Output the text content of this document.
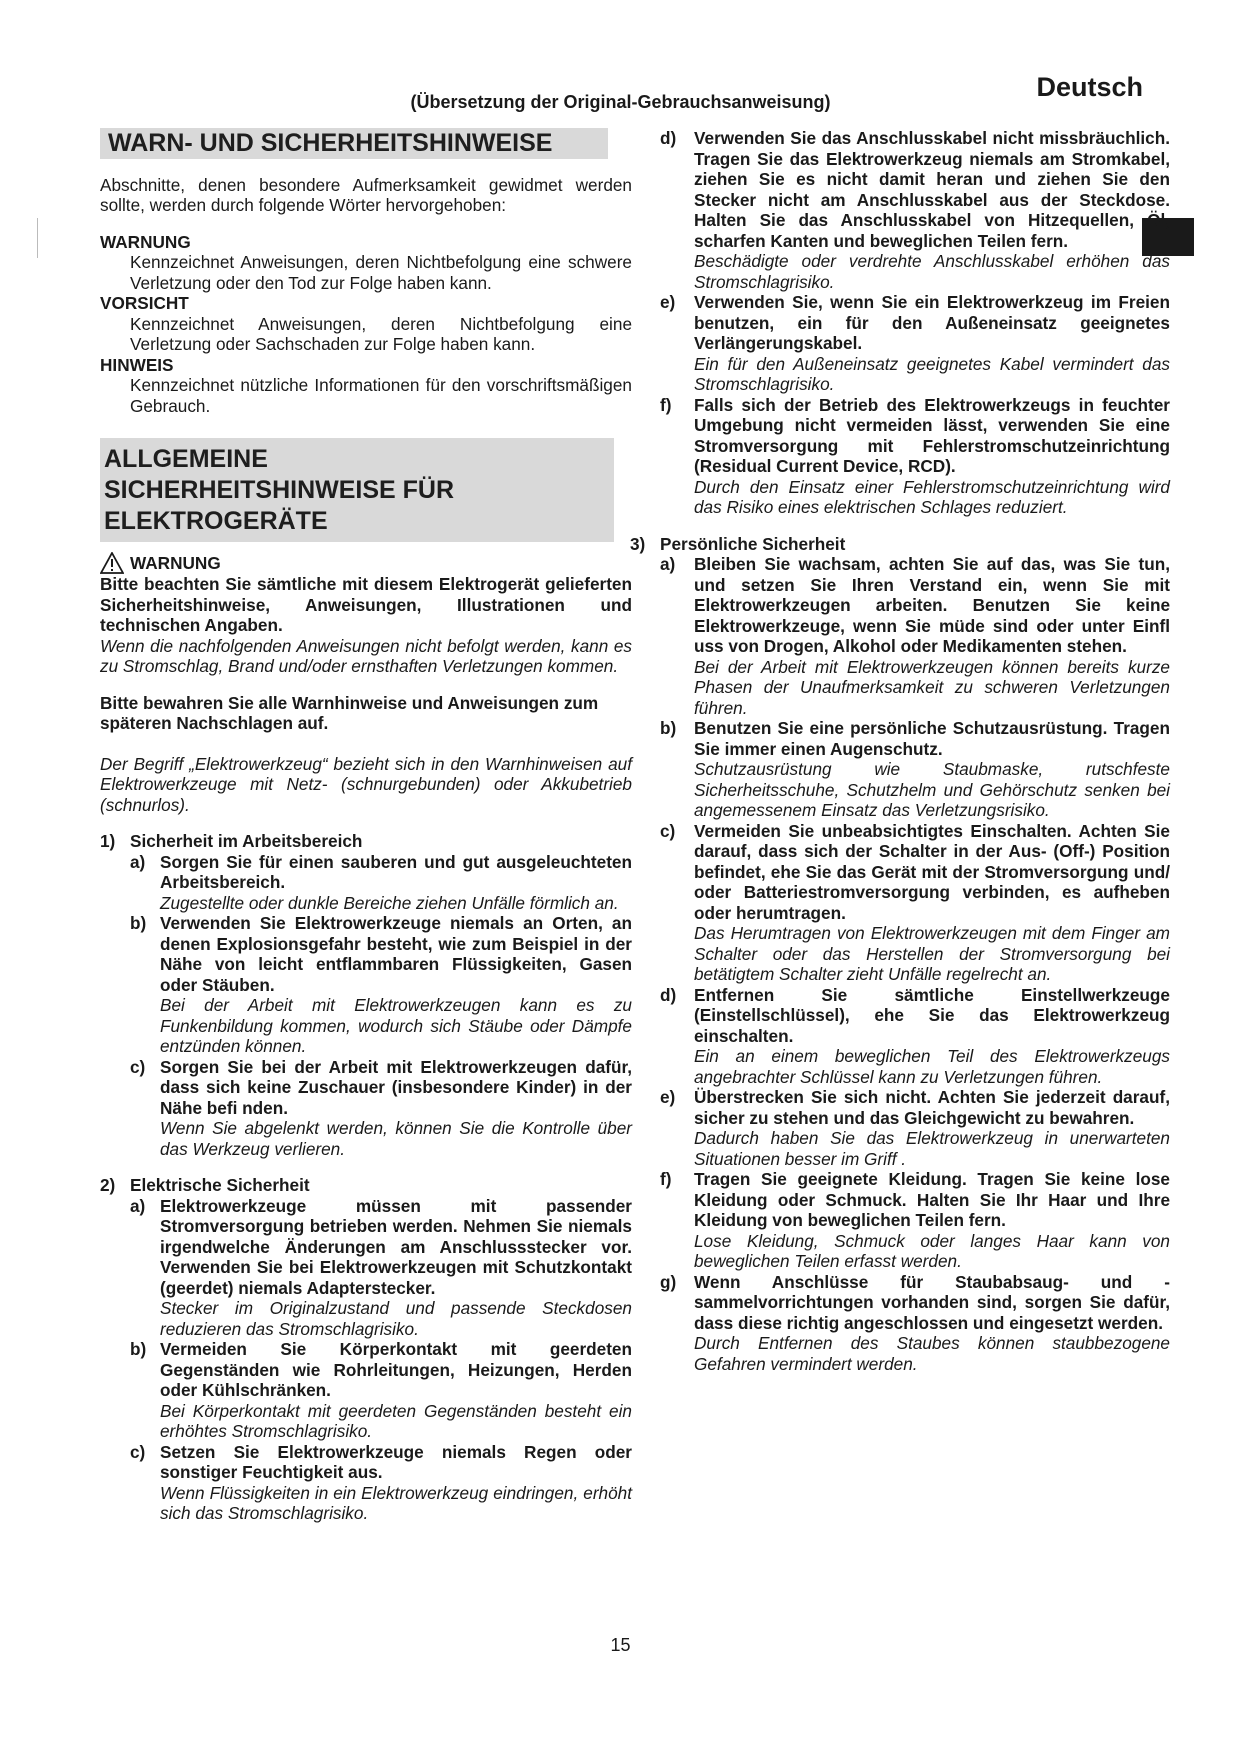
Deutsch
(Übersetzung der Original-Gebrauchsanweisung)
WARN- UND SICHERHEITSHINWEISE

Abschnitte, denen besondere Aufmerksamkeit gewidmet werden sollte, werden durch folgende Wörter hervorgehoben:

WARNUNG

Kennzeichnet Anweisungen, deren Nichtbefolgung eine schwere Verletzung oder den Tod zur Folge haben kann.

VORSICHT

Kennzeichnet Anweisungen, deren Nichtbefolgung eine Verletzung oder Sachschaden zur Folge haben kann.

HINWEIS

Kennzeichnet nützliche Informationen für den vorschriftsmäßigen Gebrauch.

ALLGEMEINE
SICHERHEITSHINWEISE FÜR
ELEKTROGERÄTE
WARNUNG

Bitte beachten Sie sämtliche mit diesem Elektrogerät gelieferten Sicherheitshinweise, Anweisungen, Illustrationen und technischen Angaben.

Wenn die nachfolgenden Anweisungen nicht befolgt werden, kann es zu Stromschlag, Brand und/oder ernsthaften Verletzungen kommen.

Bitte bewahren Sie alle Warnhinweise und Anweisungen zum späteren Nachschlagen auf.

Der Begriff „Elektrowerkzeug“ bezieht sich in den Warnhinweisen auf Elektrowerkzeuge mit Netz- (schnurgebunden) oder Akkubetrieb (schnurlos).

1) Sicherheit im Arbeitsbereich
a) Sorgen Sie für einen sauberen und gut ausgeleuchteten Arbeitsbereich.

Zugestellte oder dunkle Bereiche ziehen Unfälle förmlich an.

b) Verwenden Sie Elektrowerkzeuge niemals an Orten, an denen Explosionsgefahr besteht, wie zum Beispiel in der Nähe von leicht entflammbaren Flüssigkeiten, Gasen oder Stäuben.

Bei der Arbeit mit Elektrowerkzeugen kann es zu Funkenbildung kommen, wodurch sich Stäube oder Dämpfe entzünden können.

c) Sorgen Sie bei der Arbeit mit Elektrowerkzeugen dafür, dass sich keine Zuschauer (insbesondere Kinder) in der Nähe befi nden.

Wenn Sie abgelenkt werden, können Sie die Kontrolle über das Werkzeug verlieren.

2) Elektrische Sicherheit
a) Elektrowerkzeuge müssen mit passender Stromversorgung betrieben werden. Nehmen Sie niemals irgendwelche Änderungen am Anschlussstecker vor. Verwenden Sie bei Elektrowerkzeugen mit Schutzkontakt (geerdet) niemals Adapterstecker.

Stecker im Originalzustand und passende Steckdosen reduzieren das Stromschlagrisiko.

b) Vermeiden Sie Körperkontakt mit geerdeten Gegenständen wie Rohrleitungen, Heizungen, Herden oder Kühlschränken.

Bei Körperkontakt mit geerdeten Gegenständen besteht ein erhöhtes Stromschlagrisiko.

c) Setzen Sie Elektrowerkzeuge niemals Regen oder sonstiger Feuchtigkeit aus.

Wenn Flüssigkeiten in ein Elektrowerkzeug eindringen, erhöht sich das Stromschlagrisiko.

d)	Verwenden Sie das Anschlusskabel nicht missbräuchlich. Tragen Sie das Elektrowerkzeug niemals am Stromkabel, ziehen Sie es nicht damit heran und ziehen Sie den Stecker nicht am Anschlusskabel aus der Steckdose. Halten Sie das Anschlusskabel von Hitzequellen, Öl, scharfen Kanten und beweglichen Teilen fern.

Beschädigte oder verdrehte Anschlusskabel erhöhen das Stromschlagrisiko.

e)	Verwenden Sie, wenn Sie ein Elektrowerkzeug im Freien benutzen, ein für den Außeneinsatz geeignetes Verlängerungskabel.

Ein für den Außeneinsatz geeignetes Kabel vermindert das Stromschlagrisiko.

f)	Falls sich der Betrieb des Elektrowerkzeugs in feuchter Umgebung nicht vermeiden lässt, verwenden Sie eine Stromversorgung mit Fehlerstromschutzeinrichtung (Residual Current Device, RCD).

Durch den Einsatz einer Fehlerstromschutzeinrichtung wird das Risiko eines elektrischen Schlages reduziert.

3) Persönliche Sicherheit
a)	Bleiben Sie wachsam, achten Sie auf das, was Sie tun, und setzen Sie Ihren Verstand ein, wenn Sie mit Elektrowerkzeugen arbeiten. Benutzen Sie keine Elektrowerkzeuge, wenn Sie müde sind oder unter Einfl uss von Drogen, Alkohol oder Medikamenten stehen.

Bei der Arbeit mit Elektrowerkzeugen können bereits kurze Phasen der Unaufmerksamkeit zu schweren Verletzungen führen.

b)	Benutzen Sie eine persönliche Schutzausrüstung. Tragen Sie immer einen Augenschutz.

Schutzausrüstung wie Staubmaske, rutschfeste Sicherheitsschuhe, Schutzhelm und Gehörschutz senken bei angemessenem Einsatz das Verletzungsrisiko.

c)	Vermeiden Sie unbeabsichtigtes Einschalten. Achten Sie darauf, dass sich der Schalter in der Aus- (Off-) Position befindet, ehe Sie das Gerät mit der Stromversorgung und/ oder Batteriestromversorgung verbinden, es aufheben oder herumtragen.

Das Herumtragen von Elektrowerkzeugen mit dem Finger am Schalter oder das Herstellen der Stromversorgung bei betätigtem Schalter zieht Unfälle regelrecht an.

d)	Entfernen Sie sämtliche Einstellwerkzeuge (Einstellschlüssel), ehe Sie das Elektrowerkzeug einschalten.

Ein an einem beweglichen Teil des Elektrowerkzeugs angebrachter Schlüssel kann zu Verletzungen führen.

e)	Überstrecken Sie sich nicht. Achten Sie jederzeit darauf, sicher zu stehen und das Gleichgewicht zu bewahren.

Dadurch haben Sie das Elektrowerkzeug in unerwarteten Situationen besser im Griff .

f)	Tragen Sie geeignete Kleidung. Tragen Sie keine lose Kleidung oder Schmuck. Halten Sie Ihr Haar und Ihre Kleidung von beweglichen Teilen fern.

Lose Kleidung, Schmuck oder langes Haar kann von beweglichen Teilen erfasst werden.

g)	Wenn Anschlüsse für Staubabsaug- und -sammelvorrichtungen vorhanden sind, sorgen Sie dafür, dass diese richtig angeschlossen und eingesetzt werden.

Durch Entfernen des Staubes können staubbezogene Gefahren vermindert werden.

15
